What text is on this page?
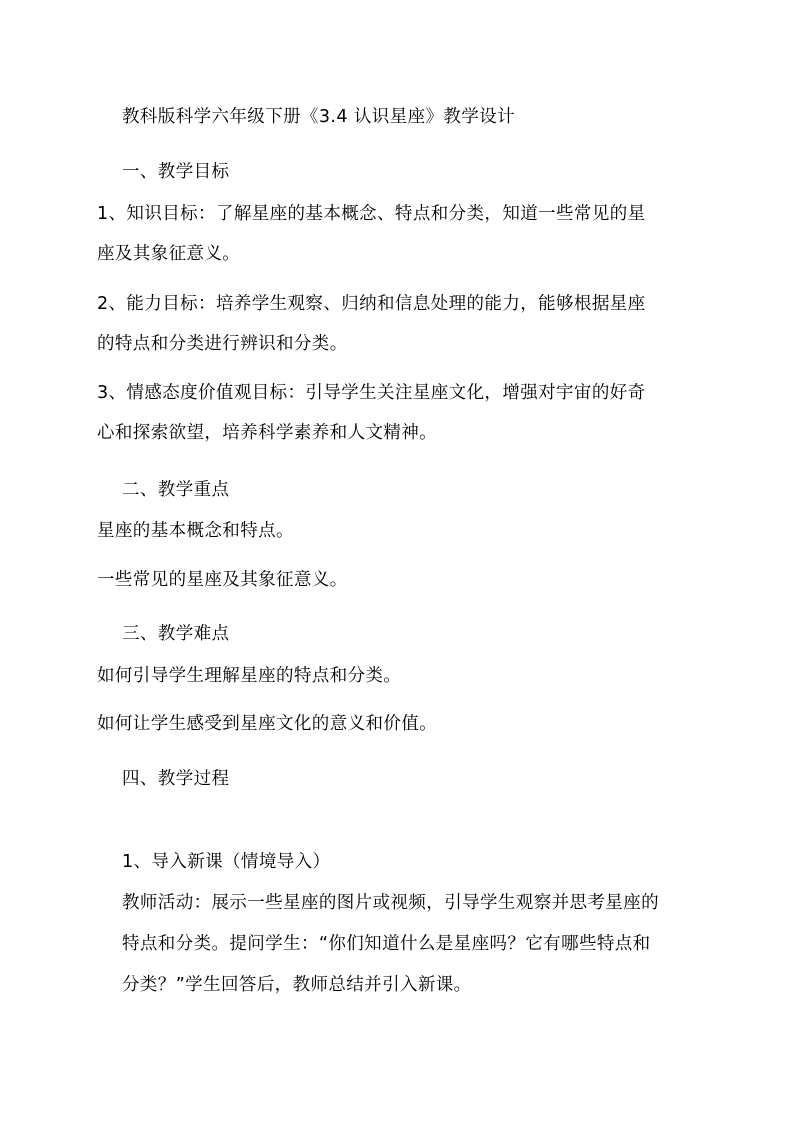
教科版科学六年级下册《3.4 认识星座》教学设计

一、教学目标

1、知识目标：了解星座的基本概念、特点和分类，知道一些常见的星

座及其象征意义。

2、能力目标：培养学生观察、归纳和信息处理的能力，能够根据星座

的特点和分类进行辨识和分类。

3、情感态度价值观目标：引导学生关注星座文化，增强对宇宙的好奇

心和探索欲望，培养科学素养和人文精神。

二、教学重点

星座的基本概念和特点。

一些常见的星座及其象征意义。

三、教学难点

如何引导学生理解星座的特点和分类。

如何让学生感受到星座文化的意义和价值。

四、教学过程

1、导入新课（情境导入）

教师活动：展示一些星座的图片或视频，引导学生观察并思考星座的

特点和分类。提问学生：“你们知道什么是星座吗？它有哪些特点和

分类？”学生回答后，教师总结并引入新课。
